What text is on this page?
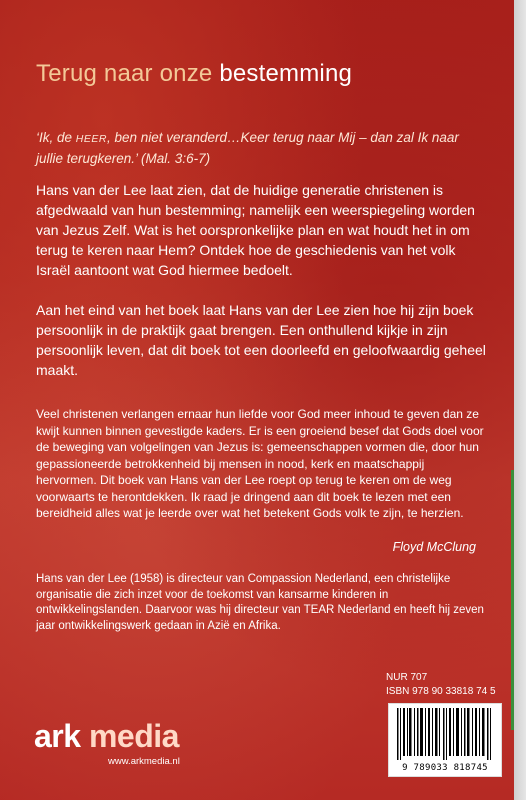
Terug naar onze bestemming
‘Ik, de HEER, ben niet veranderd…Keer terug naar Mij – dan zal Ik naar jullie terugkeren.’ (Mal. 3:6-7)
Hans van der Lee laat zien, dat de huidige generatie christenen is afgedwaald van hun bestemming; namelijk een weerspiegeling worden van Jezus Zelf. Wat is het oorspronkelijke plan en wat houdt het in om terug te keren naar Hem? Ontdek hoe de geschiedenis van het volk Israël aantoont wat God hiermee bedoelt.
Aan het eind van het boek laat Hans van der Lee zien hoe hij zijn boek persoonlijk in de praktijk gaat brengen. Een onthullend kijkje in zijn persoonlijk leven, dat dit boek tot een doorleefd en geloofwaardig geheel maakt.
Veel christenen verlangen ernaar hun liefde voor God meer inhoud te geven dan ze kwijt kunnen binnen gevestigde kaders. Er is een groeiend besef dat Gods doel voor de beweging van volgelingen van Jezus is: gemeenschappen vormen die, door hun gepassioneerde betrokkenheid bij mensen in nood, kerk en maatschappij hervormen. Dit boek van Hans van der Lee roept op terug te keren om de weg voorwaarts te herontdekken. Ik raad je dringend aan dit boek te lezen met een bereidheid alles wat je leerde over wat het betekent Gods volk te zijn, te herzien.
Floyd McClung
Hans van der Lee (1958) is directeur van Compassion Nederland, een christelijke organisatie die zich inzet voor de toekomst van kansarme kinderen in ontwikkelingslanden. Daarvoor was hij directeur van TEAR Nederland en heeft hij zeven jaar ontwikkelingswerk gedaan in Azië en Afrika.
NUR 707
ISBN 978 90 33818 74 5
9 789033 818745
ark media
www.arkmedia.nl
